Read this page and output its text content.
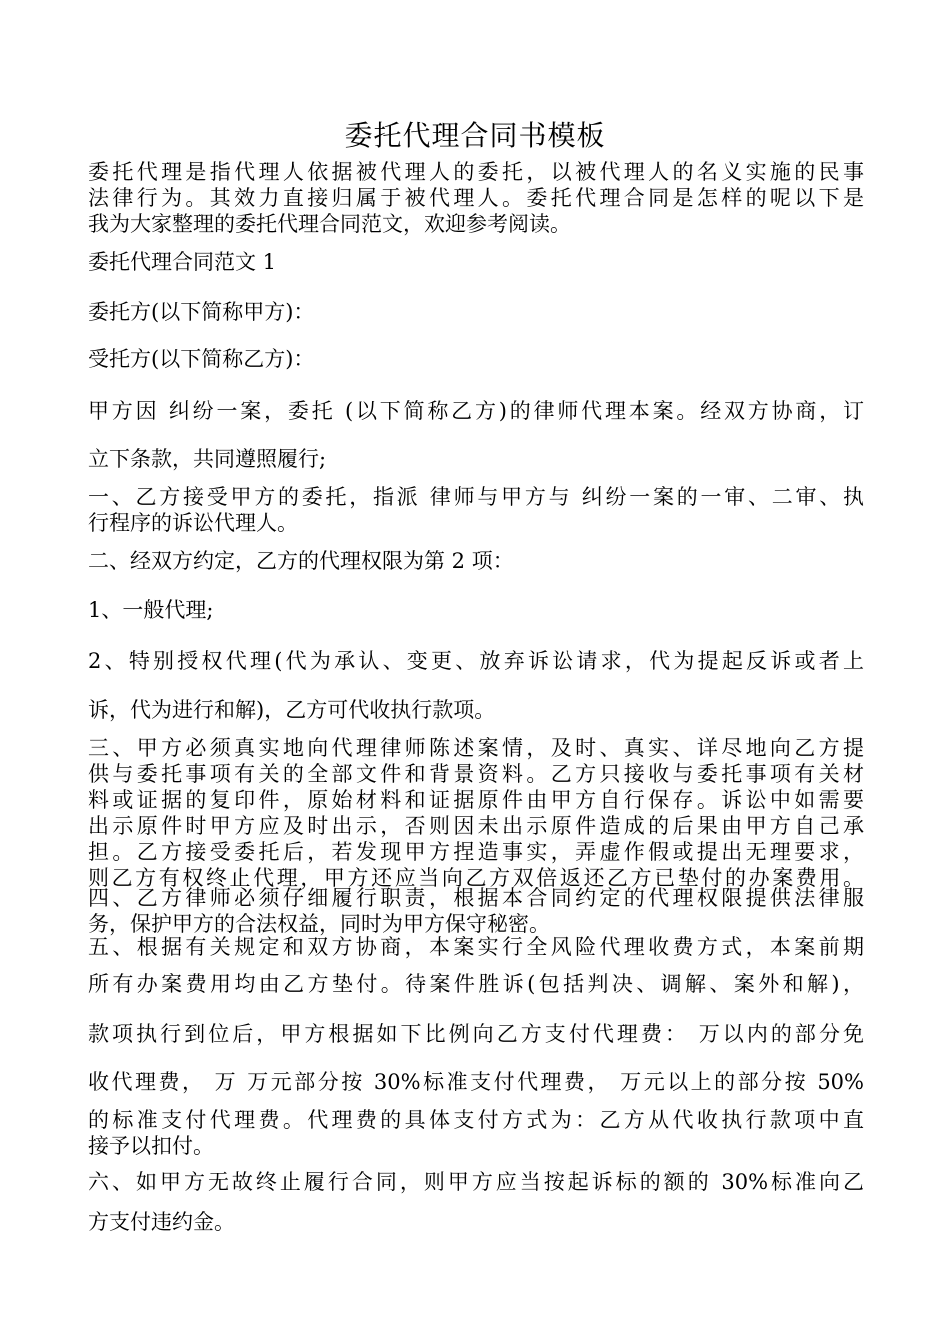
委托代理合同书模板
委托代理是指代理人依据被代理人的委托，以被代理人的名义实施的民事
法律行为。其效力直接归属于被代理人。委托代理合同是怎样的呢以下是
我为大家整理的委托代理合同范文，欢迎参考阅读。
委托代理合同范文 1
委托方(以下简称甲方)：
受托方(以下简称乙方)：
甲方因 纠纷一案，委托 (以下简称乙方)的律师代理本案。经双方协商，订
立下条款，共同遵照履行;
一、乙方接受甲方的委托，指派 律师与甲方与 纠纷一案的一审、二审、执
行程序的诉讼代理人。
二、经双方约定，乙方的代理权限为第 2 项：
1、一般代理;
2、特别授权代理(代为承认、变更、放弃诉讼请求，代为提起反诉或者上
诉，代为进行和解)，乙方可代收执行款项。
三、甲方必须真实地向代理律师陈述案情，及时、真实、详尽地向乙方提
供与委托事项有关的全部文件和背景资料。乙方只接收与委托事项有关材
料或证据的复印件，原始材料和证据原件由甲方自行保存。诉讼中如需要
出示原件时甲方应及时出示，否则因未出示原件造成的后果由甲方自己承
担。乙方接受委托后，若发现甲方捏造事实，弄虚作假或提出无理要求，
则乙方有权终止代理，甲方还应当向乙方双倍返还乙方已垫付的办案费用。
四、乙方律师必须仔细履行职责，根据本合同约定的代理权限提供法律服
务，保护甲方的合法权益，同时为甲方保守秘密。
五、根据有关规定和双方协商，本案实行全风险代理收费方式，本案前期
所有办案费用均由乙方垫付。待案件胜诉(包括判决、调解、案外和解)，
款项执行到位后，甲方根据如下比例向乙方支付代理费： 万以内的部分免
收代理费， 万 万元部分按 30%标准支付代理费， 万元以上的部分按 50%
的标准支付代理费。代理费的具体支付方式为：乙方从代收执行款项中直
接予以扣付。
六、如甲方无故终止履行合同，则甲方应当按起诉标的额的 30%标准向乙
方支付违约金。
